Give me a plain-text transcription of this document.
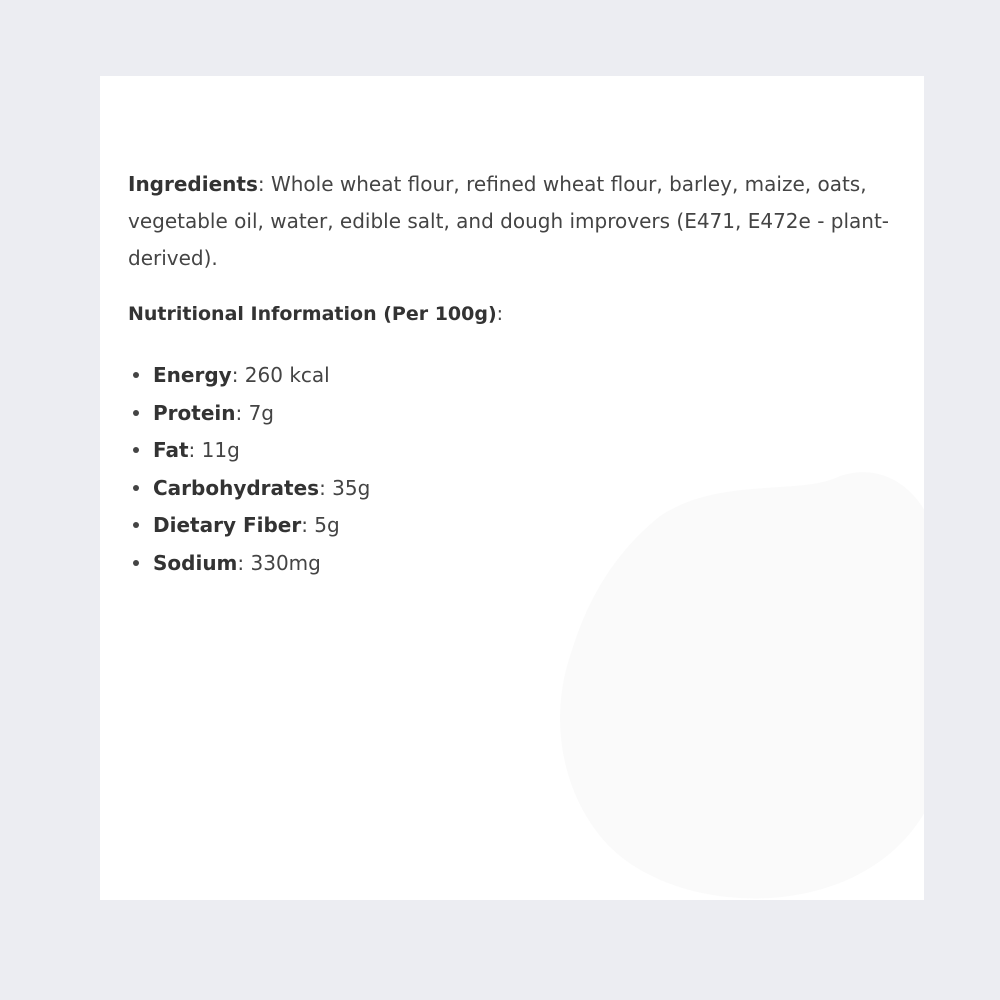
Ingredients: Whole wheat flour, refined wheat flour, barley, maize, oats, vegetable oil, water, edible salt, and dough improvers (E471, E472e - plant-derived).

Nutritional Information (Per 100g):

Energy: 260 kcal
Protein: 7g
Fat: 11g
Carbohydrates: 35g
Dietary Fiber: 5g
Sodium: 330mg
